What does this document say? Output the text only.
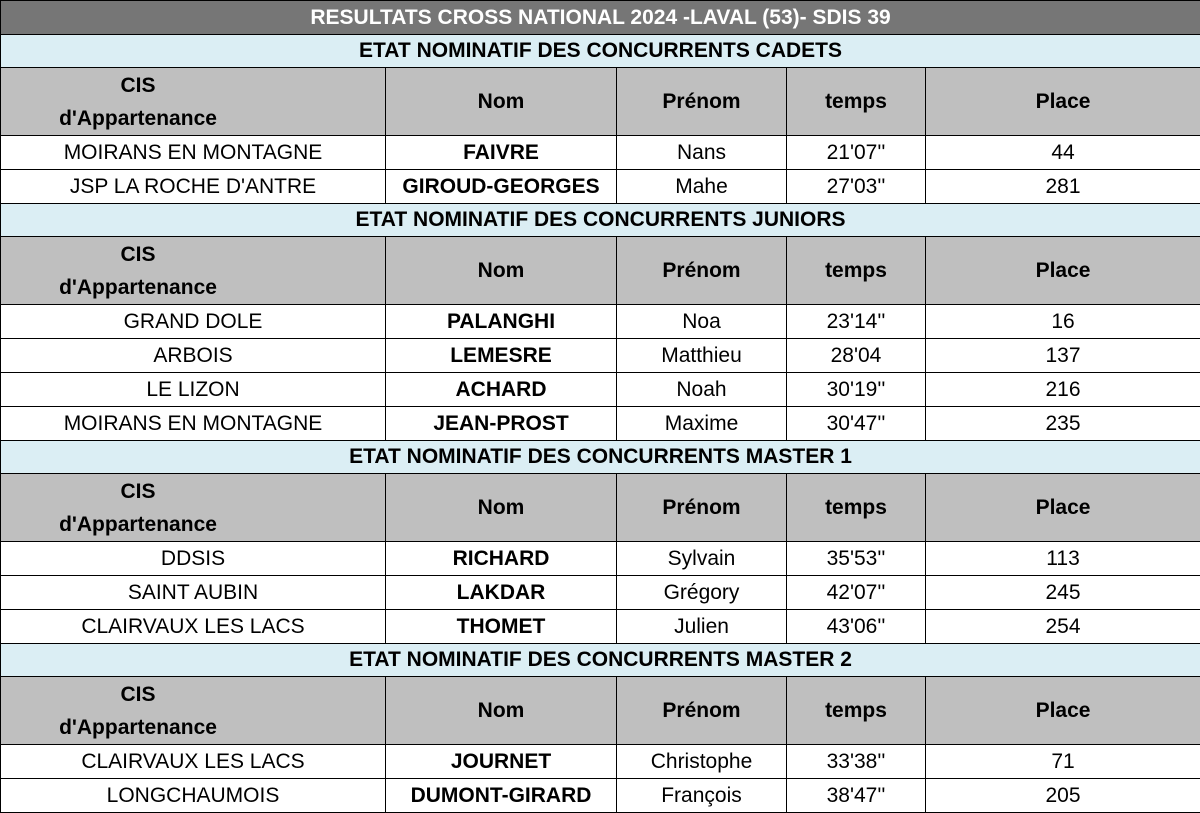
RESULTATS CROSS NATIONAL 2024 -LAVAL (53)- SDIS 39				
ETAT NOMINATIF DES CONCURRENTS CADETS				
CIS
d'Appartenance	Nom	Prénom	temps	Place
MOIRANS EN MONTAGNE	FAIVRE	Nans	21'07''	44
JSP LA ROCHE D'ANTRE	GIROUD-GEORGES	Mahe	27'03''	281
ETAT NOMINATIF DES CONCURRENTS JUNIORS				
CIS
d'Appartenance	Nom	Prénom	temps	Place
GRAND DOLE	PALANGHI	Noa	23'14''	16
ARBOIS	LEMESRE	Matthieu	28'04	137
LE LIZON	ACHARD	Noah	30'19''	216
MOIRANS EN MONTAGNE	JEAN-PROST	Maxime	30'47''	235
ETAT NOMINATIF DES CONCURRENTS MASTER 1				
CIS
d'Appartenance	Nom	Prénom	temps	Place
DDSIS	RICHARD	Sylvain	35'53''	113
SAINT AUBIN	LAKDAR	Grégory	42'07''	245
CLAIRVAUX LES LACS	THOMET	Julien	43'06''	254
ETAT NOMINATIF DES CONCURRENTS MASTER 2				
CIS
d'Appartenance	Nom	Prénom	temps	Place
CLAIRVAUX LES LACS	JOURNET	Christophe	33'38''	71
LONGCHAUMOIS	DUMONT-GIRARD	François	38'47''	205
